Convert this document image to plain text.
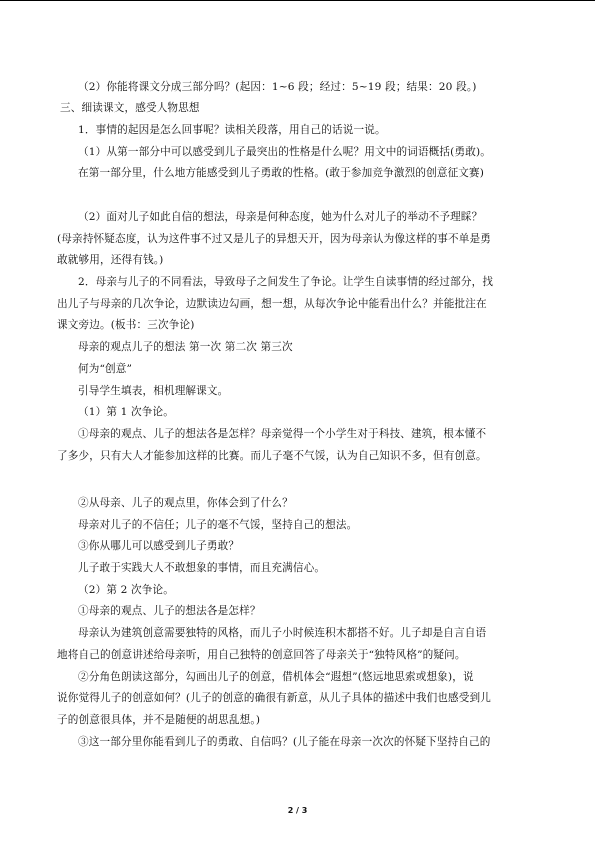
（2）你能将课文分成三部分吗？(起因：1~6 段；经过：5~19 段；结果：20 段。)
三、细读课文，感受人物思想
1．事情的起因是怎么回事呢？读相关段落，用自己的话说一说。
（1）从第一部分中可以感受到儿子最突出的性格是什么呢？用文中的词语概括(勇敢)。
在第一部分里，什么地方能感受到儿子勇敢的性格。(敢于参加竞争激烈的创意征文赛)
（2）面对儿子如此自信的想法，母亲是何种态度，她为什么对儿子的举动不予理睬？
(母亲持怀疑态度，认为这件事不过又是儿子的异想天开，因为母亲认为像这样的事不单是勇
敢就够用，还得有钱。)
2．母亲与儿子的不同看法，导致母子之间发生了争论。让学生自读事情的经过部分，找
出儿子与母亲的几次争论，边默读边勾画，想一想，从每次争论中能看出什么？并能批注在
课文旁边。(板书：三次争论)
母亲的观点儿子的想法 第一次 第二次 第三次
何为“创意”
引导学生填表，相机理解课文。
（1）第 1 次争论。
①母亲的观点、儿子的想法各是怎样？母亲觉得一个小学生对于科技、建筑，根本懂不
了多少，只有大人才能参加这样的比赛。而儿子毫不气馁，认为自己知识不多，但有创意。
②从母亲、儿子的观点里，你体会到了什么？
母亲对儿子的不信任；儿子的毫不气馁，坚持自己的想法。
③你从哪儿可以感受到儿子勇敢？
儿子敢于实践大人不敢想象的事情，而且充满信心。
（2）第 2 次争论。
①母亲的观点、儿子的想法各是怎样？
母亲认为建筑创意需要独特的风格，而儿子小时候连积木都搭不好。儿子却是自言自语
地将自己的创意讲述给母亲听，用自己独特的创意回答了母亲关于“独特风格”的疑问。
②分角色朗读这部分，勾画出儿子的创意，借机体会“遐想”(悠远地思索或想象)，说
说你觉得儿子的创意如何？(儿子的创意的确很有新意，从儿子具体的描述中我们也感受到儿
子的创意很具体，并不是随便的胡思乱想。)
③这一部分里你能看到儿子的勇敢、自信吗？(儿子能在母亲一次次的怀疑下坚持自己的
2 / 3
